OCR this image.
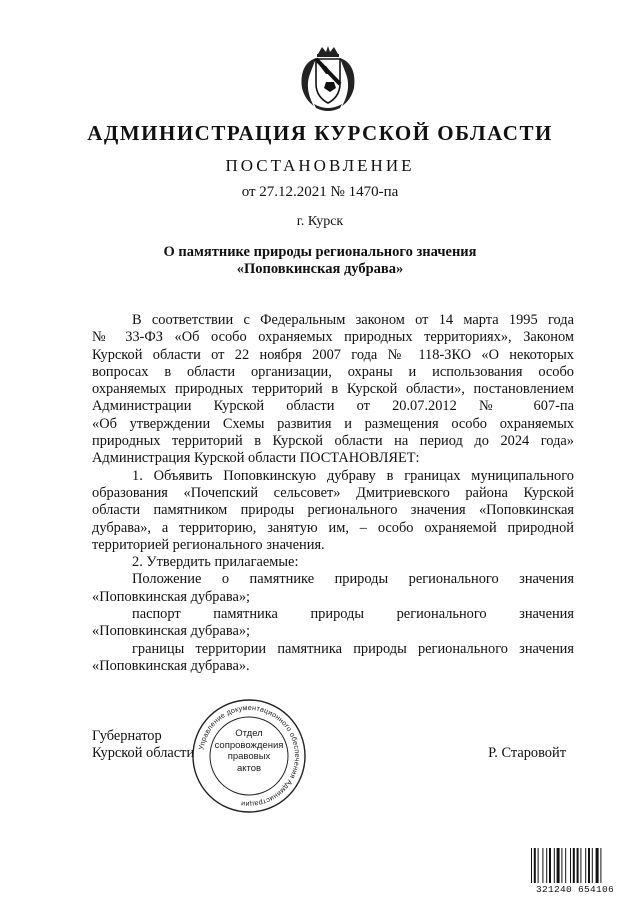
АДМИНИСТРАЦИЯ КУРСКОЙ ОБЛАСТИ
ПОСТАНОВЛЕНИЕ
от 27.12.2021 № 1470-па
г. Курск
О памятнике природы регионального значения
«Поповкинская дубрава»

В соответствии с Федеральным законом от 14 марта 1995 года

№ 33-ФЗ «Об особо охраняемых природных территориях», Законом

Курской области от 22 ноября 2007 года № 118-ЗКО «О некоторых

вопросах в области организации, охраны и использования особо

охраняемых природных территорий в Курской области», постановлением

Администрации Курской области от 20.07.2012 № 607-па

«Об утверждении Схемы развития и размещения особо охраняемых

природных территорий в Курской области на период до 2024 года»

Администрация Курской области ПОСТАНОВЛЯЕТ:

1. Объявить Поповкинскую дубраву в границах муниципального

образования «Почепский сельсовет» Дмитриевского района Курской

области памятником природы регионального значения «Поповкинская

дубрава», а территорию, занятую им, – особо охраняемой природной

территорией регионального значения.

2. Утвердить прилагаемые:

Положение о памятнике природы регионального значения

«Поповкинская дубрава»;

паспорт памятника природы регионального значения

«Поповкинская дубрава»;

границы территории памятника природы регионального значения

«Поповкинская дубрава».

Губернатор
Курской области Управление документационного обеспечения Администрации
Отдел
сопровождения
правовых
актов
Р. Старовойт
321240 654106
